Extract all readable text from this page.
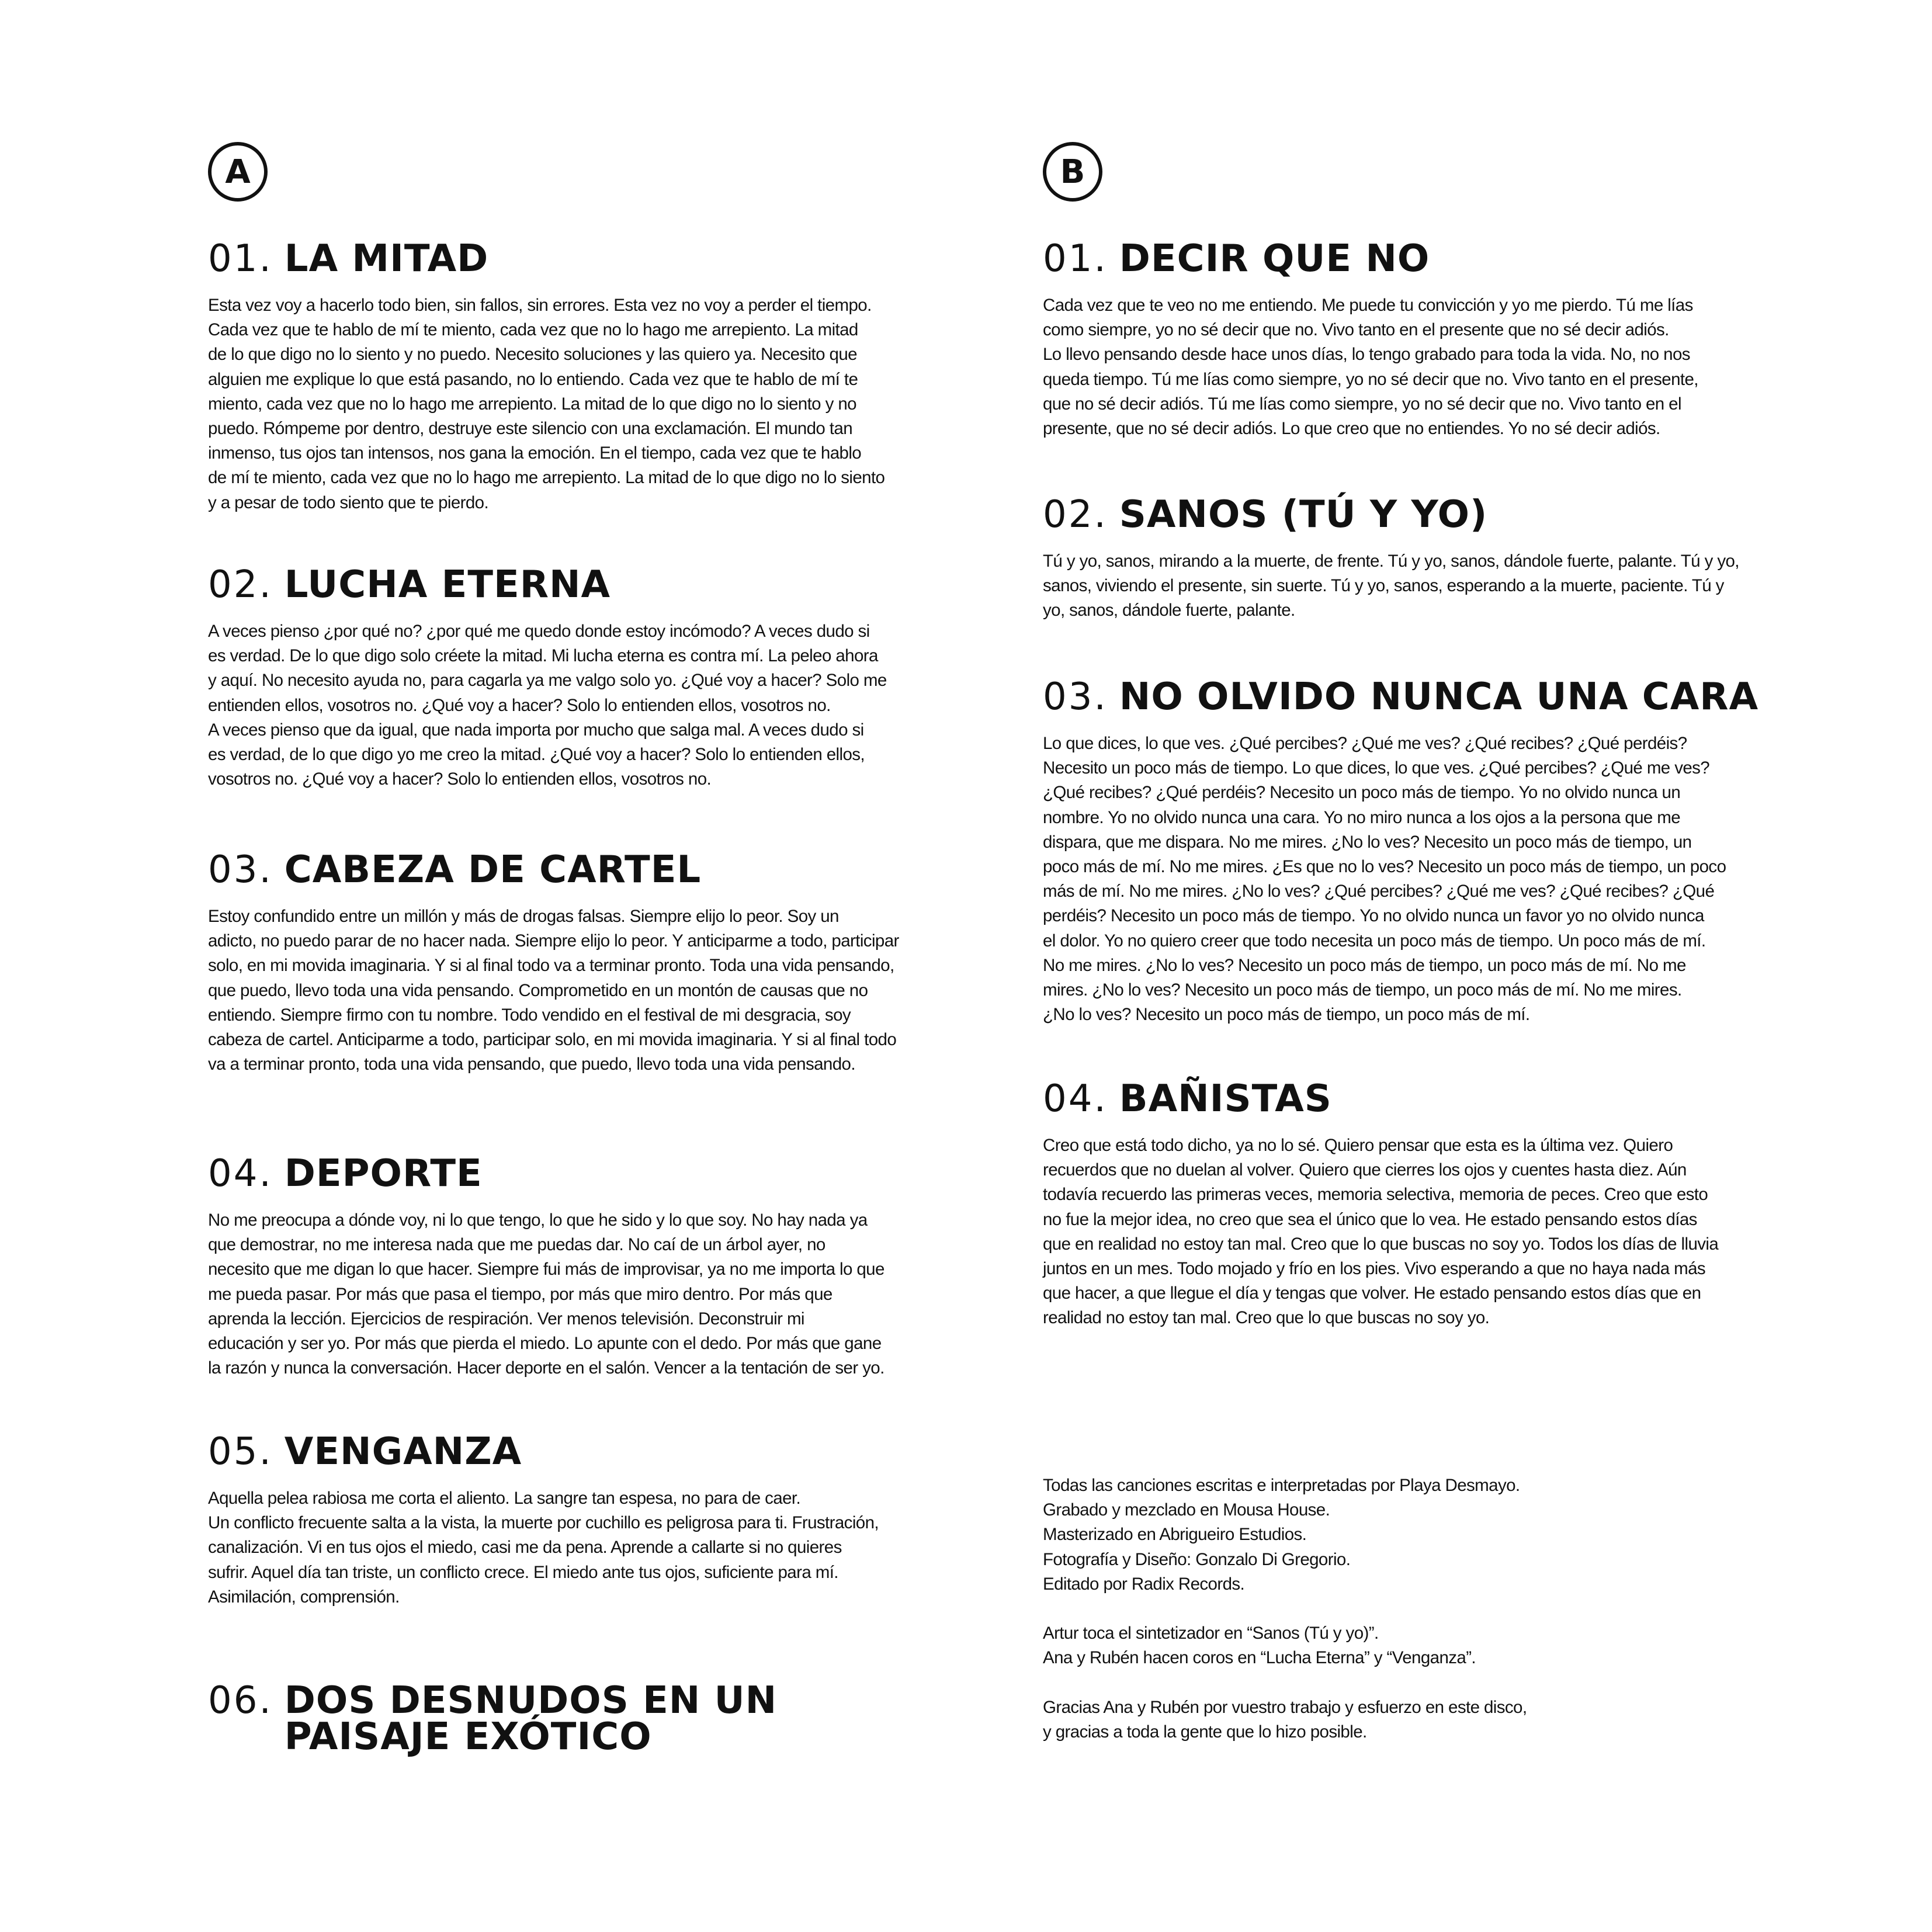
A	B
01. LA MITAD

Esta vez voy a hacerlo todo bien, sin fallos, sin errores. Esta vez no voy a perder el tiempo.
Cada vez que te hablo de mí te miento, cada vez que no lo hago me arrepiento. La mitad
de lo que digo no lo siento y no puedo. Necesito soluciones y las quiero ya. Necesito que
alguien me explique lo que está pasando, no lo entiendo. Cada vez que te hablo de mí te
miento, cada vez que no lo hago me arrepiento. La mitad de lo que digo no lo siento y no
puedo. Rómpeme por dentro, destruye este silencio con una exclamación. El mundo tan
inmenso, tus ojos tan intensos, nos gana la emoción. En el tiempo, cada vez que te hablo
de mí te miento, cada vez que no lo hago me arrepiento. La mitad de lo que digo no lo siento
y a pesar de todo siento que te pierdo.

02. LUCHA ETERNA

A veces pienso ¿por qué no? ¿por qué me quedo donde estoy incómodo? A veces dudo si
es verdad. De lo que digo solo créete la mitad. Mi lucha eterna es contra mí. La peleo ahora
y aquí. No necesito ayuda no, para cagarla ya me valgo solo yo. ¿Qué voy a hacer? Solo me
entienden ellos, vosotros no. ¿Qué voy a hacer? Solo lo entienden ellos, vosotros no.
A veces pienso que da igual, que nada importa por mucho que salga mal. A veces dudo si
es verdad, de lo que digo yo me creo la mitad. ¿Qué voy a hacer? Solo lo entienden ellos,
vosotros no. ¿Qué voy a hacer? Solo lo entienden ellos, vosotros no.

03. CABEZA DE CARTEL

Estoy confundido entre un millón y más de drogas falsas. Siempre elijo lo peor. Soy un
adicto, no puedo parar de no hacer nada. Siempre elijo lo peor. Y anticiparme a todo, participar
solo, en mi movida imaginaria. Y si al final todo va a terminar pronto. Toda una vida pensando,
que puedo, llevo toda una vida pensando. Comprometido en un montón de causas que no
entiendo. Siempre firmo con tu nombre. Todo vendido en el festival de mi desgracia, soy
cabeza de cartel. Anticiparme a todo, participar solo, en mi movida imaginaria. Y si al final todo
va a terminar pronto, toda una vida pensando, que puedo, llevo toda una vida pensando.

04. DEPORTE

No me preocupa a dónde voy, ni lo que tengo, lo que he sido y lo que soy. No hay nada ya
que demostrar, no me interesa nada que me puedas dar. No caí de un árbol ayer, no
necesito que me digan lo que hacer. Siempre fui más de improvisar, ya no me importa lo que
me pueda pasar. Por más que pasa el tiempo, por más que miro dentro. Por más que
aprenda la lección. Ejercicios de respiración. Ver menos televisión. Deconstruir mi
educación y ser yo. Por más que pierda el miedo. Lo apunte con el dedo. Por más que gane
la razón y nunca la conversación. Hacer deporte en el salón. Vencer a la tentación de ser yo.

05. VENGANZA

Aquella pelea rabiosa me corta el aliento. La sangre tan espesa, no para de caer.
Un conflicto frecuente salta a la vista, la muerte por cuchillo es peligrosa para ti. Frustración,
canalización. Vi en tus ojos el miedo, casi me da pena. Aprende a callarte si no quieres
sufrir. Aquel día tan triste, un conflicto crece. El miedo ante tus ojos, suficiente para mí.
Asimilación, comprensión.

06. DOS DESNUDOS EN UN
PAISAJE EXÓTICO
01. DECIR QUE NO

Cada vez que te veo no me entiendo. Me puede tu convicción y yo me pierdo. Tú me lías
como siempre, yo no sé decir que no. Vivo tanto en el presente que no sé decir adiós.
Lo llevo pensando desde hace unos días, lo tengo grabado para toda la vida. No, no nos
queda tiempo. Tú me lías como siempre, yo no sé decir que no. Vivo tanto en el presente,
que no sé decir adiós. Tú me lías como siempre, yo no sé decir que no. Vivo tanto en el
presente, que no sé decir adiós. Lo que creo que no entiendes. Yo no sé decir adiós.

02. SANOS (TÚ Y YO)

Tú y yo, sanos, mirando a la muerte, de frente. Tú y yo, sanos, dándole fuerte, palante. Tú y yo,
sanos, viviendo el presente, sin suerte. Tú y yo, sanos, esperando a la muerte, paciente. Tú y
yo, sanos, dándole fuerte, palante.

03. NO OLVIDO NUNCA UNA CARA

Lo que dices, lo que ves. ¿Qué percibes? ¿Qué me ves? ¿Qué recibes? ¿Qué perdéis?
Necesito un poco más de tiempo. Lo que dices, lo que ves. ¿Qué percibes? ¿Qué me ves?
¿Qué recibes? ¿Qué perdéis? Necesito un poco más de tiempo. Yo no olvido nunca un
nombre. Yo no olvido nunca una cara. Yo no miro nunca a los ojos a la persona que me
dispara, que me dispara. No me mires. ¿No lo ves? Necesito un poco más de tiempo, un
poco más de mí. No me mires. ¿Es que no lo ves? Necesito un poco más de tiempo, un poco
más de mí. No me mires. ¿No lo ves? ¿Qué percibes? ¿Qué me ves? ¿Qué recibes? ¿Qué
perdéis? Necesito un poco más de tiempo. Yo no olvido nunca un favor yo no olvido nunca
el dolor. Yo no quiero creer que todo necesita un poco más de tiempo. Un poco más de mí.
No me mires. ¿No lo ves? Necesito un poco más de tiempo, un poco más de mí. No me
mires. ¿No lo ves? Necesito un poco más de tiempo, un poco más de mí. No me mires.
¿No lo ves? Necesito un poco más de tiempo, un poco más de mí.

04. BAÑISTAS

Creo que está todo dicho, ya no lo sé. Quiero pensar que esta es la última vez. Quiero
recuerdos que no duelan al volver. Quiero que cierres los ojos y cuentes hasta diez. Aún
todavía recuerdo las primeras veces, memoria selectiva, memoria de peces. Creo que esto
no fue la mejor idea, no creo que sea el único que lo vea. He estado pensando estos días
que en realidad no estoy tan mal. Creo que lo que buscas no soy yo. Todos los días de lluvia
juntos en un mes. Todo mojado y frío en los pies. Vivo esperando a que no haya nada más
que hacer, a que llegue el día y tengas que volver. He estado pensando estos días que en
realidad no estoy tan mal. Creo que lo que buscas no soy yo.

Todas las canciones escritas e interpretadas por Playa Desmayo.
Grabado y mezclado en Mousa House.
Masterizado en Abrigueiro Estudios.
Fotografía y Diseño: Gonzalo Di Gregorio.
Editado por Radix Records.
Artur toca el sintetizador en “Sanos (Tú y yo)”.
Ana y Rubén hacen coros en “Lucha Eterna” y “Venganza”.
Gracias Ana y Rubén por vuestro trabajo y esfuerzo en este disco,
y gracias a toda la gente que lo hizo posible.
